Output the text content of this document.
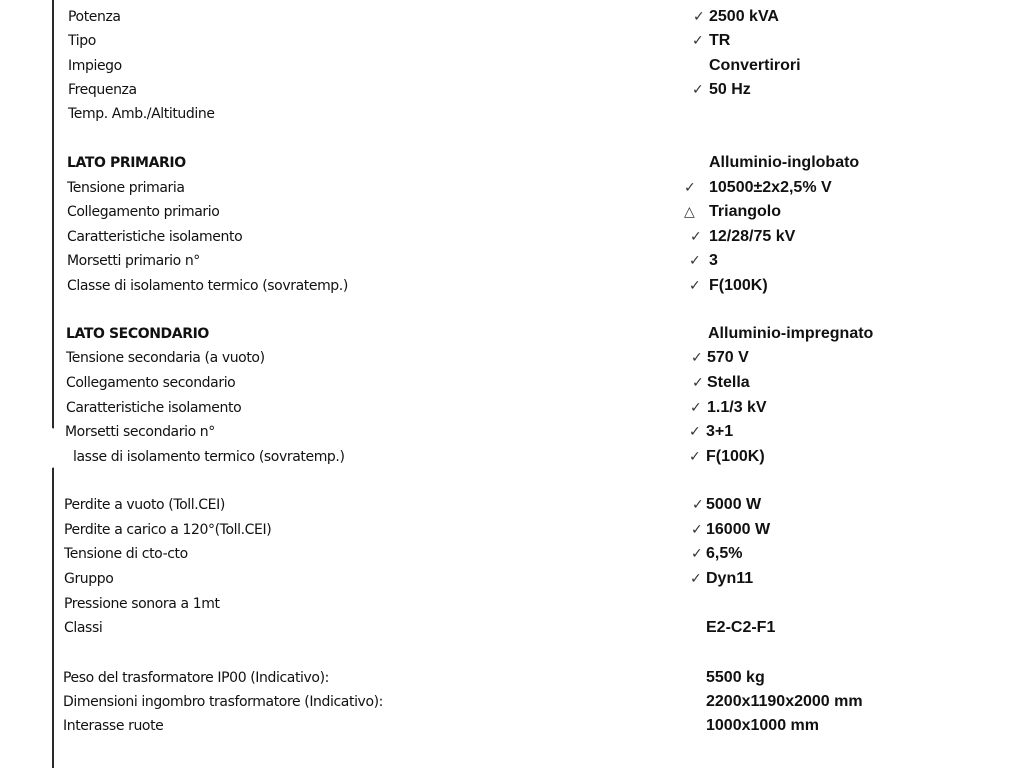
Potenza	✓ 2500 kVA
Tipo	✓ TR
Impiego	Convertirori
Frequenza	✓ 50 Hz
Temp. Amb./Altitudine
LATO PRIMARIO	Alluminio-inglobato
Tensione primaria	✓ 10500±2x2,5% V
Collegamento primario	△ Triangolo
Caratteristiche isolamento	✓ 12/28/75 kV
Morsetti primario n°	✓ 3
Classe di isolamento termico (sovratemp.)	✓ F(100K)
LATO SECONDARIO	Alluminio-impregnato
Tensione secondaria (a vuoto)	✓ 570 V
Collegamento secondario	✓ Stella
Caratteristiche isolamento	✓ 1.1/3 kV
Morsetti secondario n°	✓ 3+1
lasse di isolamento termico (sovratemp.)	✓ F(100K)
Perdite a vuoto (Toll.CEI)	✓ 5000 W
Perdite a carico a 120°(Toll.CEI)	✓ 16000 W
Tensione di cto-cto	✓ 6,5%
Gruppo	✓ Dyn11
Pressione sonora a 1mt
Classi	E2-C2-F1
Peso del trasformatore IP00 (Indicativo):	5500 kg
Dimensioni ingombro trasformatore (Indicativo):	2200x1190x2000 mm
Interasse ruote	1000x1000 mm
